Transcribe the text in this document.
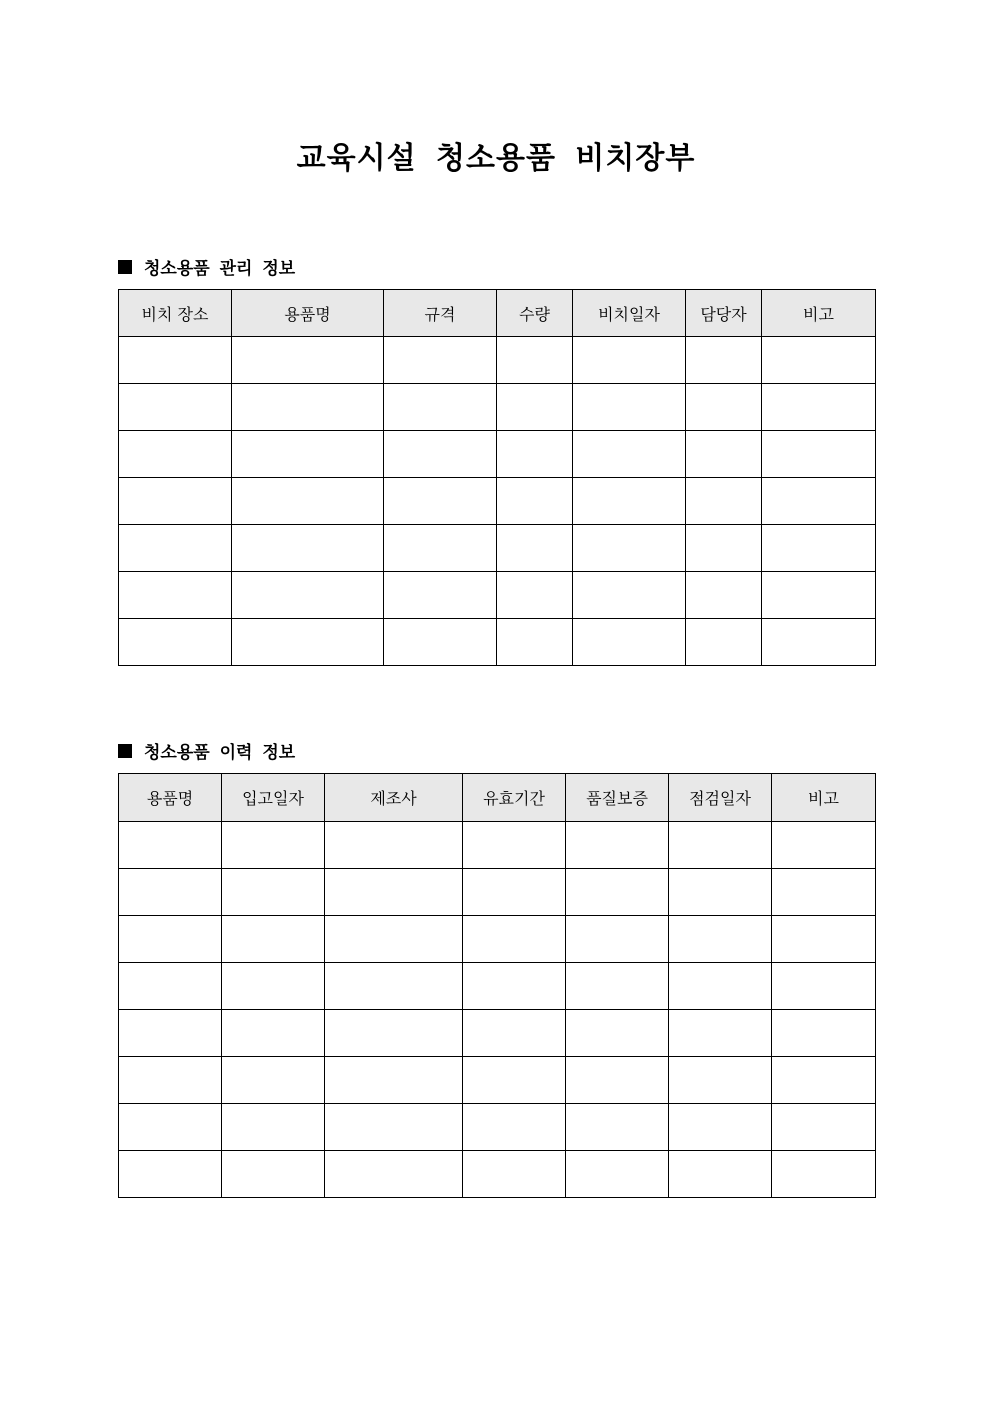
교육시설 청소용품 비치장부
청소용품 관리 정보
비치 장소	용품명	규격	수량	비치일자	담당자	비고

청소용품 이력 정보
용품명	입고일자	제조사	유효기간	품질보증	점검일자	비고
